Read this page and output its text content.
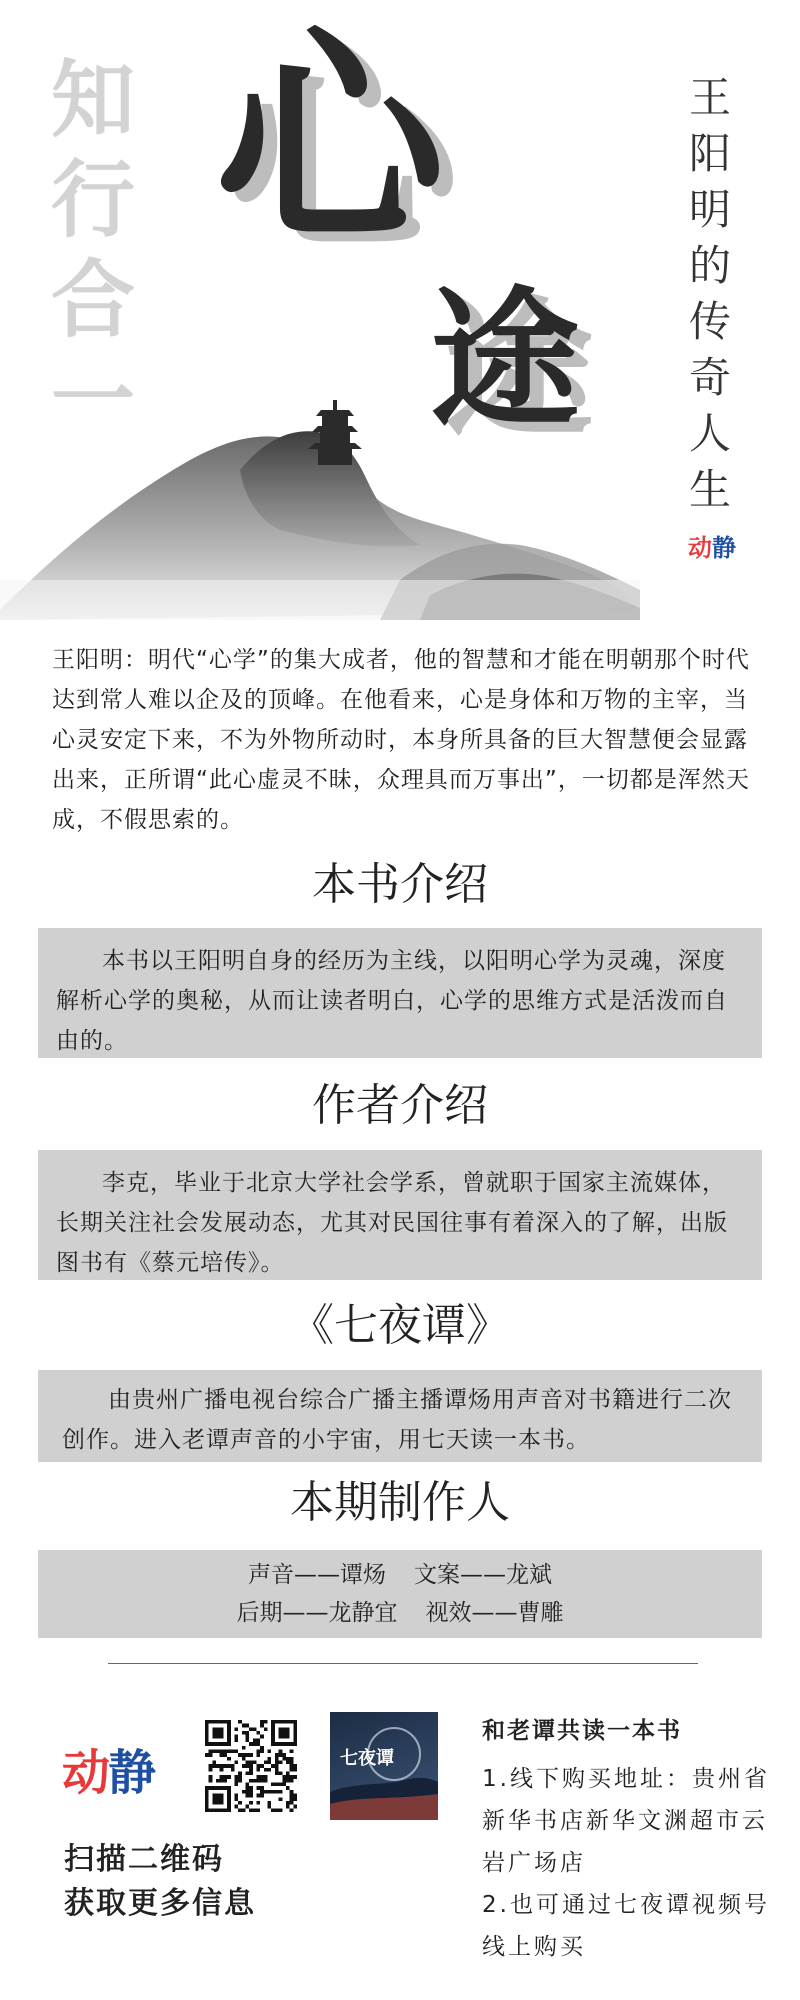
知
行
合
一
心
途
王
阳
明
的
传
奇
人
生
动静

王阳明：明代“心学”的集大成者，他的智慧和才能在明朝那个时代达到常人难以企及的顶峰。在他看来，心是身体和万物的主宰，当心灵安定下来，不为外物所动时，本身所具备的巨大智慧便会显露出来，正所谓“此心虚灵不昧，众理具而万事出”，一切都是浑然天成，不假思索的。

本书介绍

本书以王阳明自身的经历为主线，以阳明心学为灵魂，深度解析心学的奥秘，从而让读者明白，心学的思维方式是活泼而自由的。

作者介绍

李克，毕业于北京大学社会学系，曾就职于国家主流媒体，长期关注社会发展动态，尤其对民国往事有着深入的了解，出版图书有《蔡元培传》。

《七夜谭》

由贵州广播电视台综合广播主播谭炀用声音对书籍进行二次创作。进入老谭声音的小宇宙，用七天读一本书。

本期制作人
声音——谭炀 文案——龙斌
后期——龙静宜 视效——曹雕
动静	七夜谭
扫描二维码
获取更多信息
和老谭共读一本书
1.线下购买地址：贵州省新华书店新华文渊超市云岩广场店
2.也可通过七夜谭视频号线上购买
